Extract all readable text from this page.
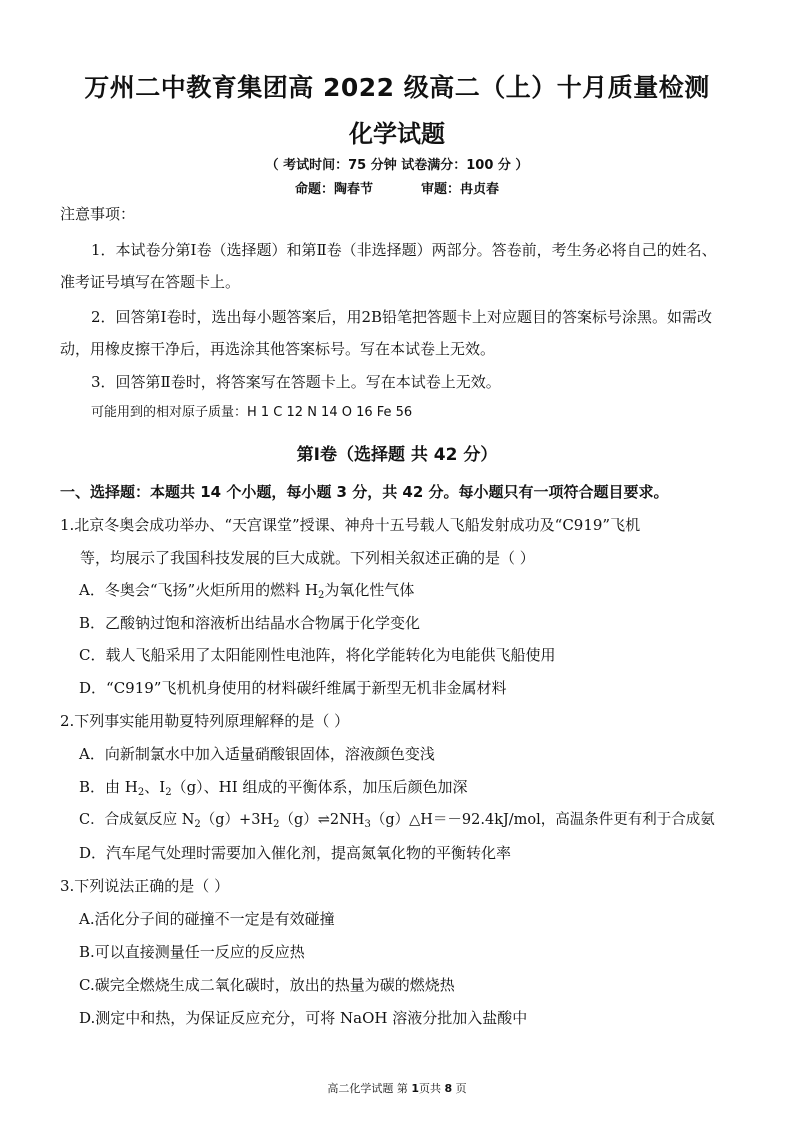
万州二中教育集团高 2022 级高二（上）十月质量检测
化学试题
（ 考试时间：75 分钟 试卷满分：100 分 ）
命题：陶春节	审题：冉贞春
注意事项：
1．本试卷分第Ⅰ卷（选择题）和第Ⅱ卷（非选择题）两部分。答卷前，考生务必将自己的姓名、
准考证号填写在答题卡上。
2．回答第Ⅰ卷时，选出每小题答案后，用2B铅笔把答题卡上对应题目的答案标号涂黑。如需改
动，用橡皮擦干净后，再选涂其他答案标号。写在本试卷上无效。
3．回答第Ⅱ卷时，将答案写在答题卡上。写在本试卷上无效。
可能用到的相对原子质量：H 1 C 12 N 14 O 16 Fe 56
第Ⅰ卷（选择题 共 42 分）
一、选择题：本题共 14 个小题，每小题 3 分，共 42 分。每小题只有一项符合题目要求。
1.北京冬奥会成功举办、“天宫课堂”授课、神舟十五号载人飞船发射成功及“C919”飞机
等，均展示了我国科技发展的巨大成就。下列相关叙述正确的是（ ）
A．冬奥会“飞扬”火炬所用的燃料 $H_2$为氧化性气体
B．乙酸钠过饱和溶液析出结晶水合物属于化学变化
C．载人飞船采用了太阳能刚性电池阵，将化学能转化为电能供飞船使用
D．“C919”飞机机身使用的材料碳纤维属于新型无机非金属材料
2.下列事实能用勒夏特列原理解释的是（ ）
A．向新制氯水中加入适量硝酸银固体，溶液颜色变浅
B．由 $H_2$、$I_2(g)$、HI 组成的平衡体系，加压后颜色加深
C．合成氨反应 $N_2(g)+3H_2(g)\rightleftharpoons 2NH_3(g)\triangle H=-92.4kJ$/mol，高温条件更有利于合成氨
D．汽车尾气处理时需要加入催化剂，提高氮氧化物的平衡转化率
3.下列说法正确的是（ ）
A.活化分子间的碰撞不一定是有效碰撞
B.可以直接测量任一反应的反应热
C.碳完全燃烧生成二氧化碳时，放出的热量为碳的燃烧热
D.测定中和热，为保证反应充分，可将 NaOH 溶液分批加入盐酸中
高二化学试题 第 1页共 8 页
